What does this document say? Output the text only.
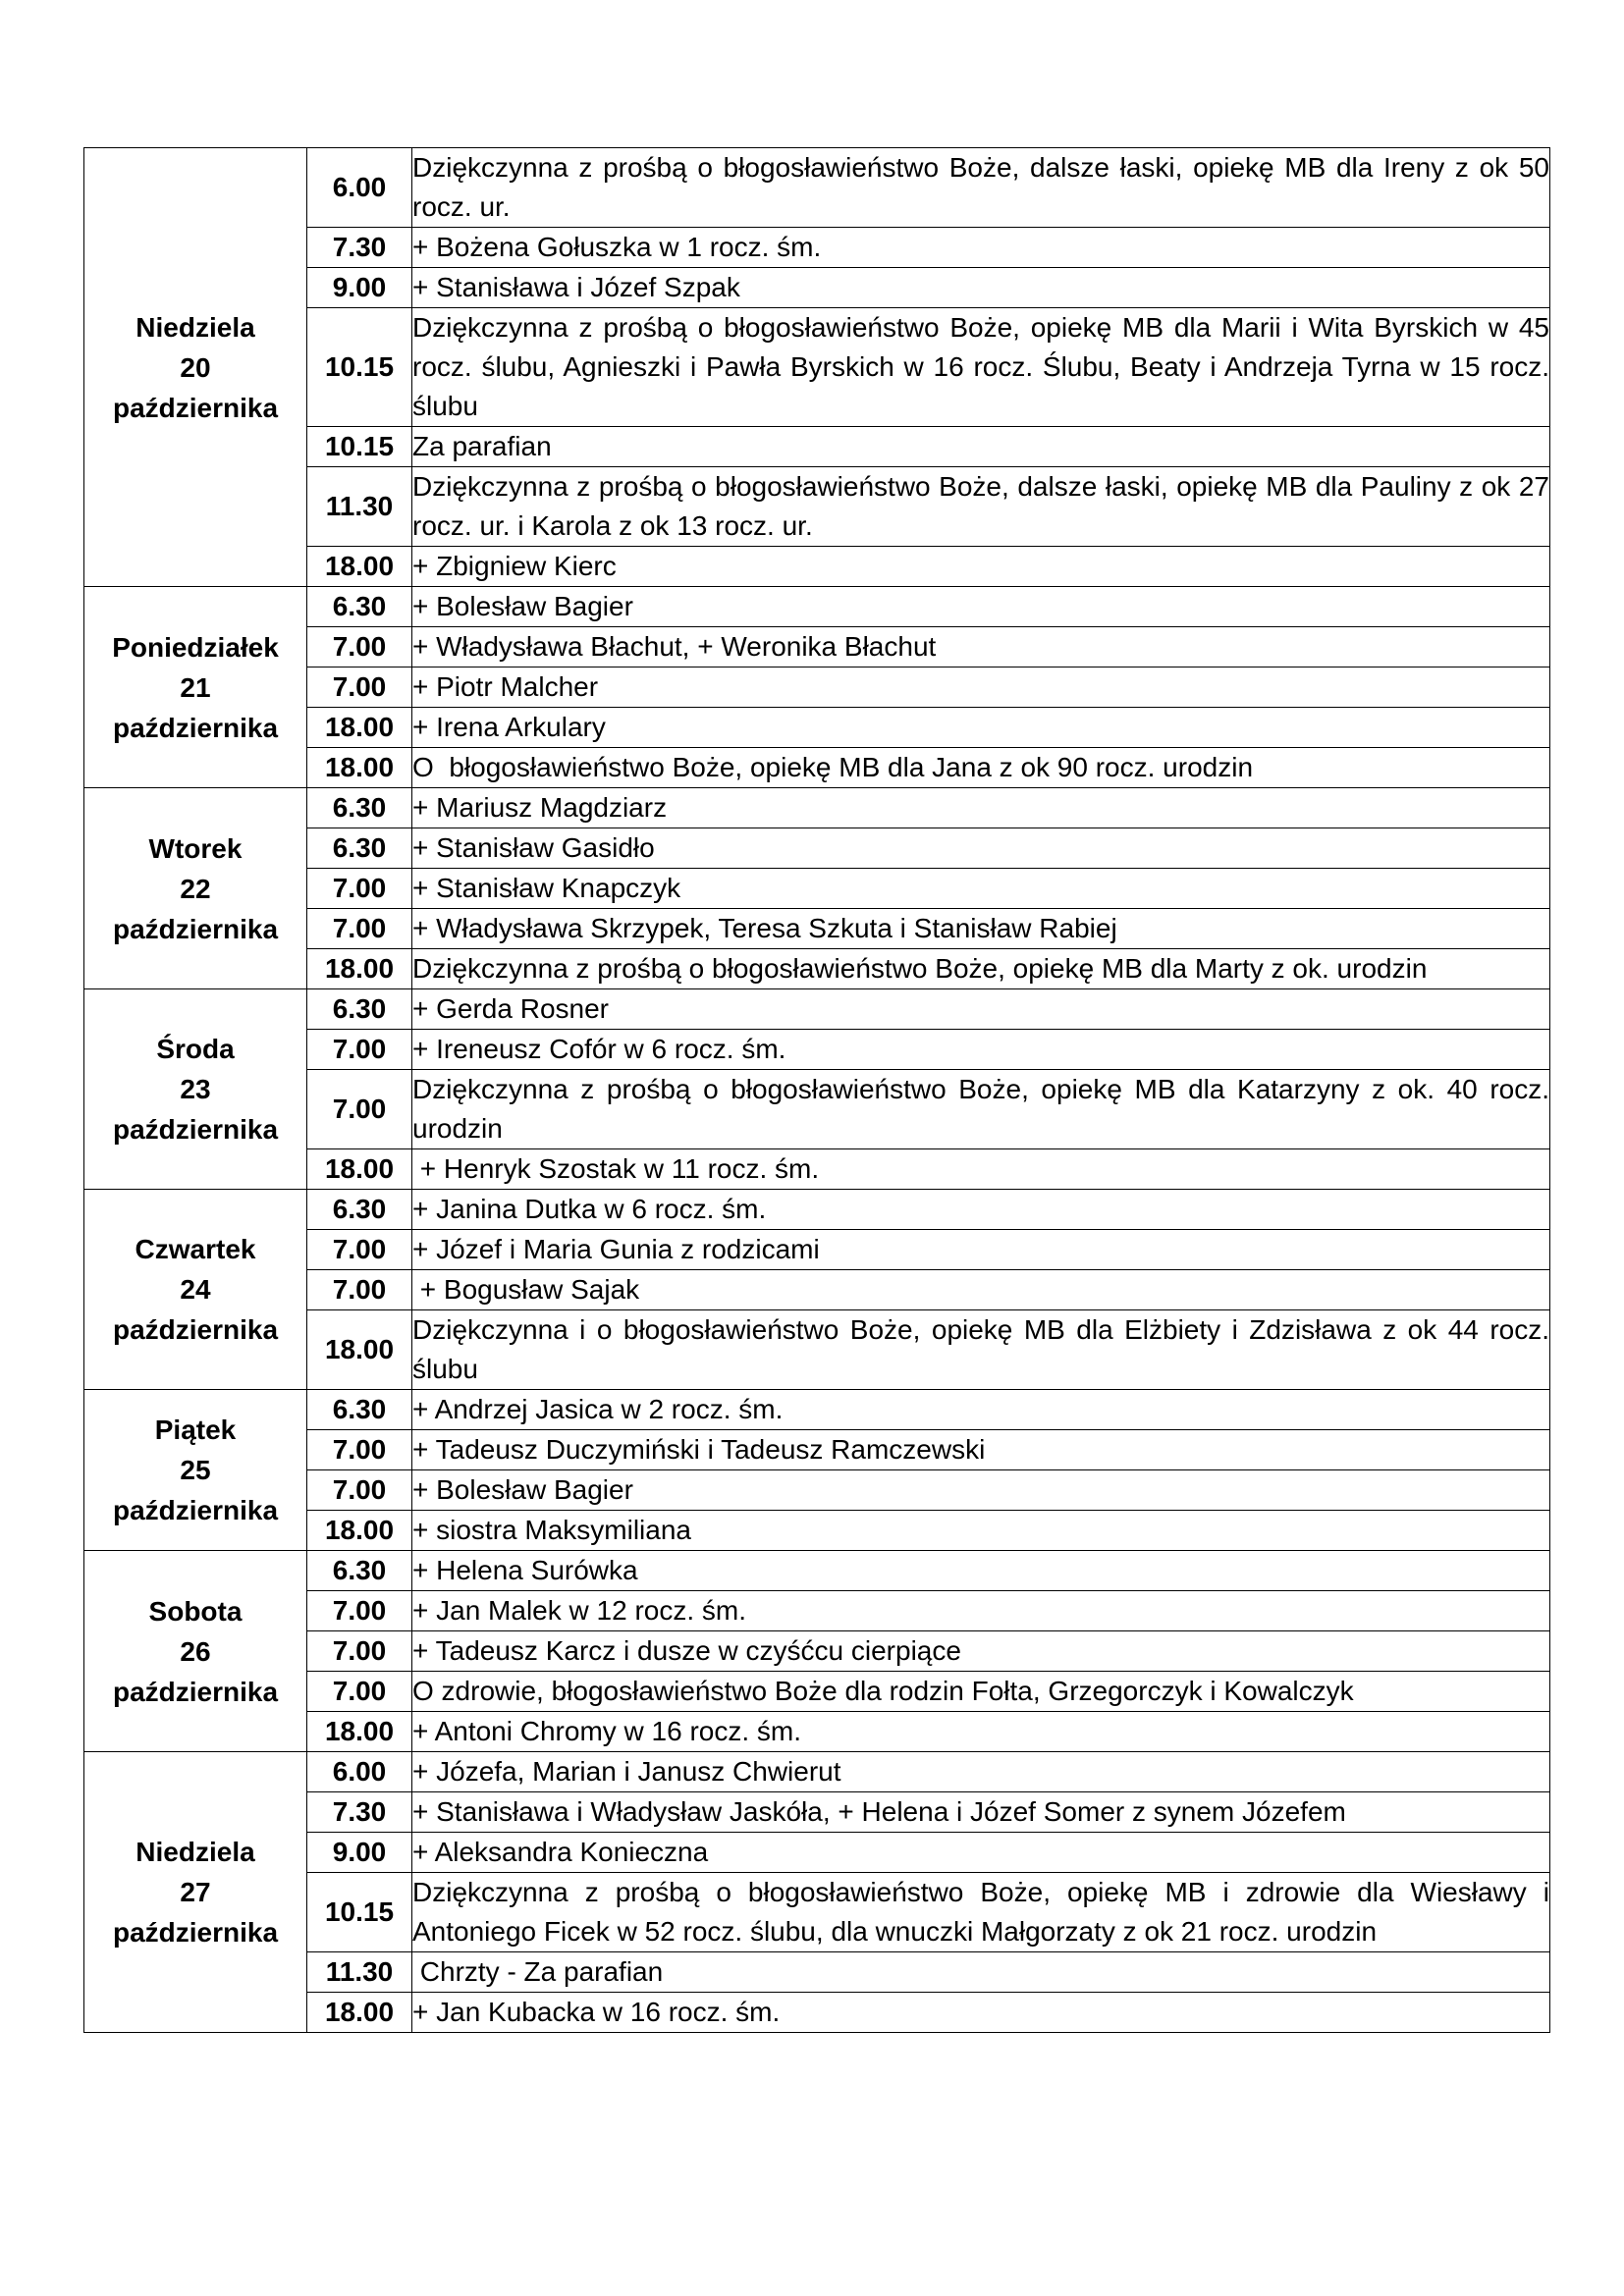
Niedziela
20
października	6.00	Dziękczynna z prośbą o błogosławieństwo Boże, dalsze łaski, opiekę MB dla Ireny z ok 50 rocz. ur.
	7.30	+ Bożena Gołuszka w 1 rocz. śm.
	9.00	+ Stanisława i Józef Szpak
	10.15	Dziękczynna z prośbą o błogosławieństwo Boże, opiekę MB dla Marii i Wita Byrskich w 45 rocz. ślubu, Agnieszki i Pawła Byrskich w 16 rocz. Ślubu, Beaty i Andrzeja Tyrna w 15 rocz. ślubu
	10.15	Za parafian
	11.30	Dziękczynna z prośbą o błogosławieństwo Boże, dalsze łaski, opiekę MB dla Pauliny z ok 27 rocz. ur. i Karola z ok 13 rocz. ur.
	18.00	+ Zbigniew Kierc

Poniedziałek
21
października	6.30	+ Bolesław Bagier
	7.00	+ Władysława Błachut, + Weronika Błachut
	7.00	+ Piotr Malcher
	18.00	+ Irena Arkulary
	18.00	O  błogosławieństwo Boże, opiekę MB dla Jana z ok 90 rocz. urodzin

Wtorek
22
października	6.30	+ Mariusz Magdziarz
	6.30	+ Stanisław Gasidło
	7.00	+ Stanisław Knapczyk
	7.00	+ Władysława Skrzypek, Teresa Szkuta i Stanisław Rabiej
	18.00	Dziękczynna z prośbą o błogosławieństwo Boże, opiekę MB dla Marty z ok. urodzin

Środa
23
października	6.30	+ Gerda Rosner
	7.00	+ Ireneusz Cofór w 6 rocz. śm.
	7.00	Dziękczynna z prośbą o błogosławieństwo Boże, opiekę MB dla Katarzyny z ok. 40 rocz. urodzin
	18.00	+ Henryk Szostak w 11 rocz. śm.

Czwartek
24
października	6.30	+ Janina Dutka w 6 rocz. śm.
	7.00	+ Józef i Maria Gunia z rodzicami
	7.00	+ Bogusław Sajak
	18.00	Dziękczynna i o błogosławieństwo Boże, opiekę MB dla Elżbiety i Zdzisława z ok 44 rocz. ślubu

Piątek
25
października	6.30	+ Andrzej Jasica w 2 rocz. śm.
	7.00	+ Tadeusz Duczymiński i Tadeusz Ramczewski
	7.00	+ Bolesław Bagier
	18.00	+ siostra Maksymiliana

Sobota
26
października	6.30	+ Helena Surówka
	7.00	+ Jan Malek w 12 rocz. śm.
	7.00	+ Tadeusz Karcz i dusze w czyśćcu cierpiące
	7.00	O zdrowie, błogosławieństwo Boże dla rodzin Fołta, Grzegorczyk i Kowalczyk
	18.00	+ Antoni Chromy w 16 rocz. śm.

Niedziela
27
października	6.00	+ Józefa, Marian i Janusz Chwierut
	7.30	+ Stanisława i Władysław Jaskóła, + Helena i Józef Somer z synem Józefem
	9.00	+ Aleksandra Konieczna
	10.15	Dziękczynna z prośbą o błogosławieństwo Boże, opiekę MB i zdrowie dla Wiesławy i Antoniego Ficek w 52 rocz. ślubu, dla wnuczki Małgorzaty z ok 21 rocz. urodzin
	11.30	Chrzty - Za parafian
	18.00	+ Jan Kubacka w 16 rocz. śm.
